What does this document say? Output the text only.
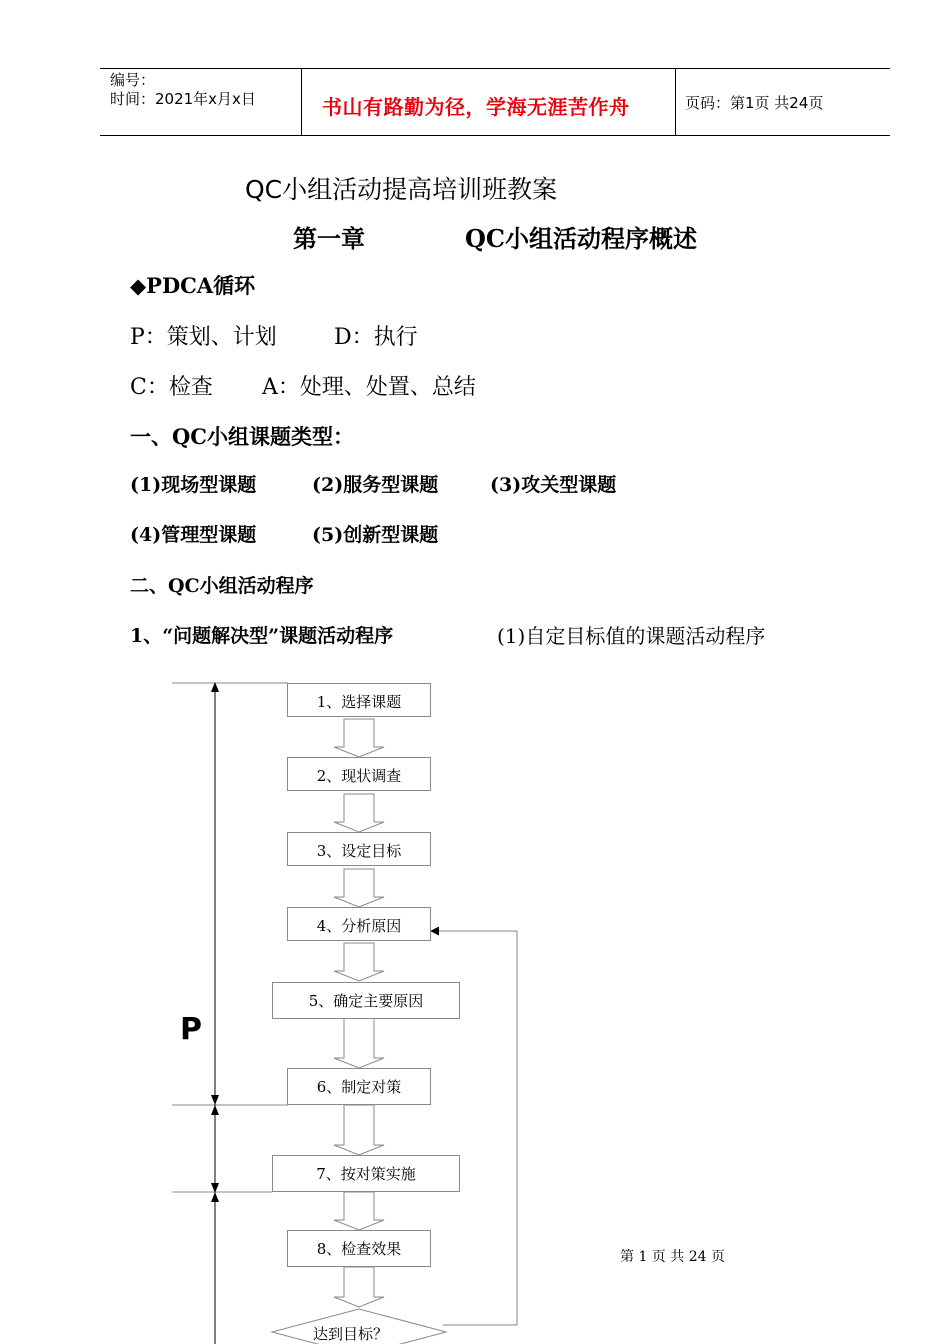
编号：
时间：2021年x月x日	书山有路勤为径，学海无涯苦作舟	页码：第1页 共24页
QC小组活动提高培训班教案
第一章	QC小组活动程序概述
◆PDCA循环
P：策划、计划	D：执行
C：检查 A：处理、处置、总结
一、QC小组课题类型：
(1)现场型课题	(2)服务型课题	(3)攻关型课题
(4)管理型课题	(5)创新型课题
二、QC小组活动程序
1、“问题解决型”课题活动程序	(1)自定目标值的课题活动程序
1、选择课题
2、现状调查
3、设定目标
4、分析原因
5、确定主要原因
6、制定对策
7、按对策实施
8、检查效果
达到目标？
P
第 1 页 共 24 页
